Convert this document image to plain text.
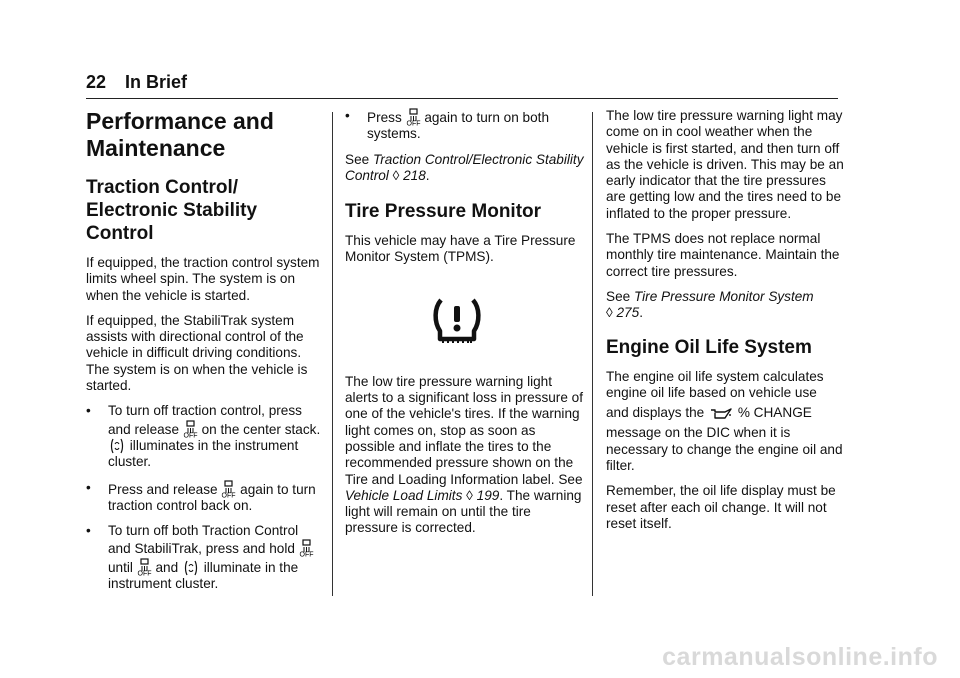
22 In Brief
Performance and Maintenance
Traction Control/ Electronic Stability Control

If equipped, the traction control system limits wheel spin. The system is on when the vehicle is started.

If equipped, the StabiliTrak system assists with directional control of the vehicle in difficult driving conditions. The system is on when the vehicle is started.

•	To turn off traction control, press and release OFF on the center stack.  illuminates in the instrument cluster.
•	Press and release OFF again to turn traction control back on.
•	To turn off both Traction Control and StabiliTrak, press and hold OFF
until OFF and illuminate in the instrument cluster.
•	Press OFF again to turn on both systems.

See Traction Control/Electronic Stability Control ◊ 218.

Tire Pressure Monitor

This vehicle may have a Tire Pressure Monitor System (TPMS).

The low tire pressure warning light alerts to a significant loss in pressure of one of the vehicle's tires. If the warning light comes on, stop as soon as possible and inflate the tires to the recommended pressure shown on the Tire and Loading Information label. See Vehicle Load Limits ◊ 199. The warning light will remain on until the tire pressure is corrected.

The low tire pressure warning light may come on in cool weather when the vehicle is first started, and then turn off as the vehicle is driven. This may be an early indicator that the tire pressures are getting low and the tires need to be inflated to the proper pressure.

The TPMS does not replace normal monthly tire maintenance. Maintain the correct tire pressures.

See Tire Pressure Monitor System
◊ 275.

Engine Oil Life System

The engine oil life system calculates engine oil life based on vehicle use

and displays the % CHANGE

message on the DIC when it is necessary to change the engine oil and filter.

Remember, the oil life display must be reset after each oil change. It will not reset itself.

carmanualsonline.info
